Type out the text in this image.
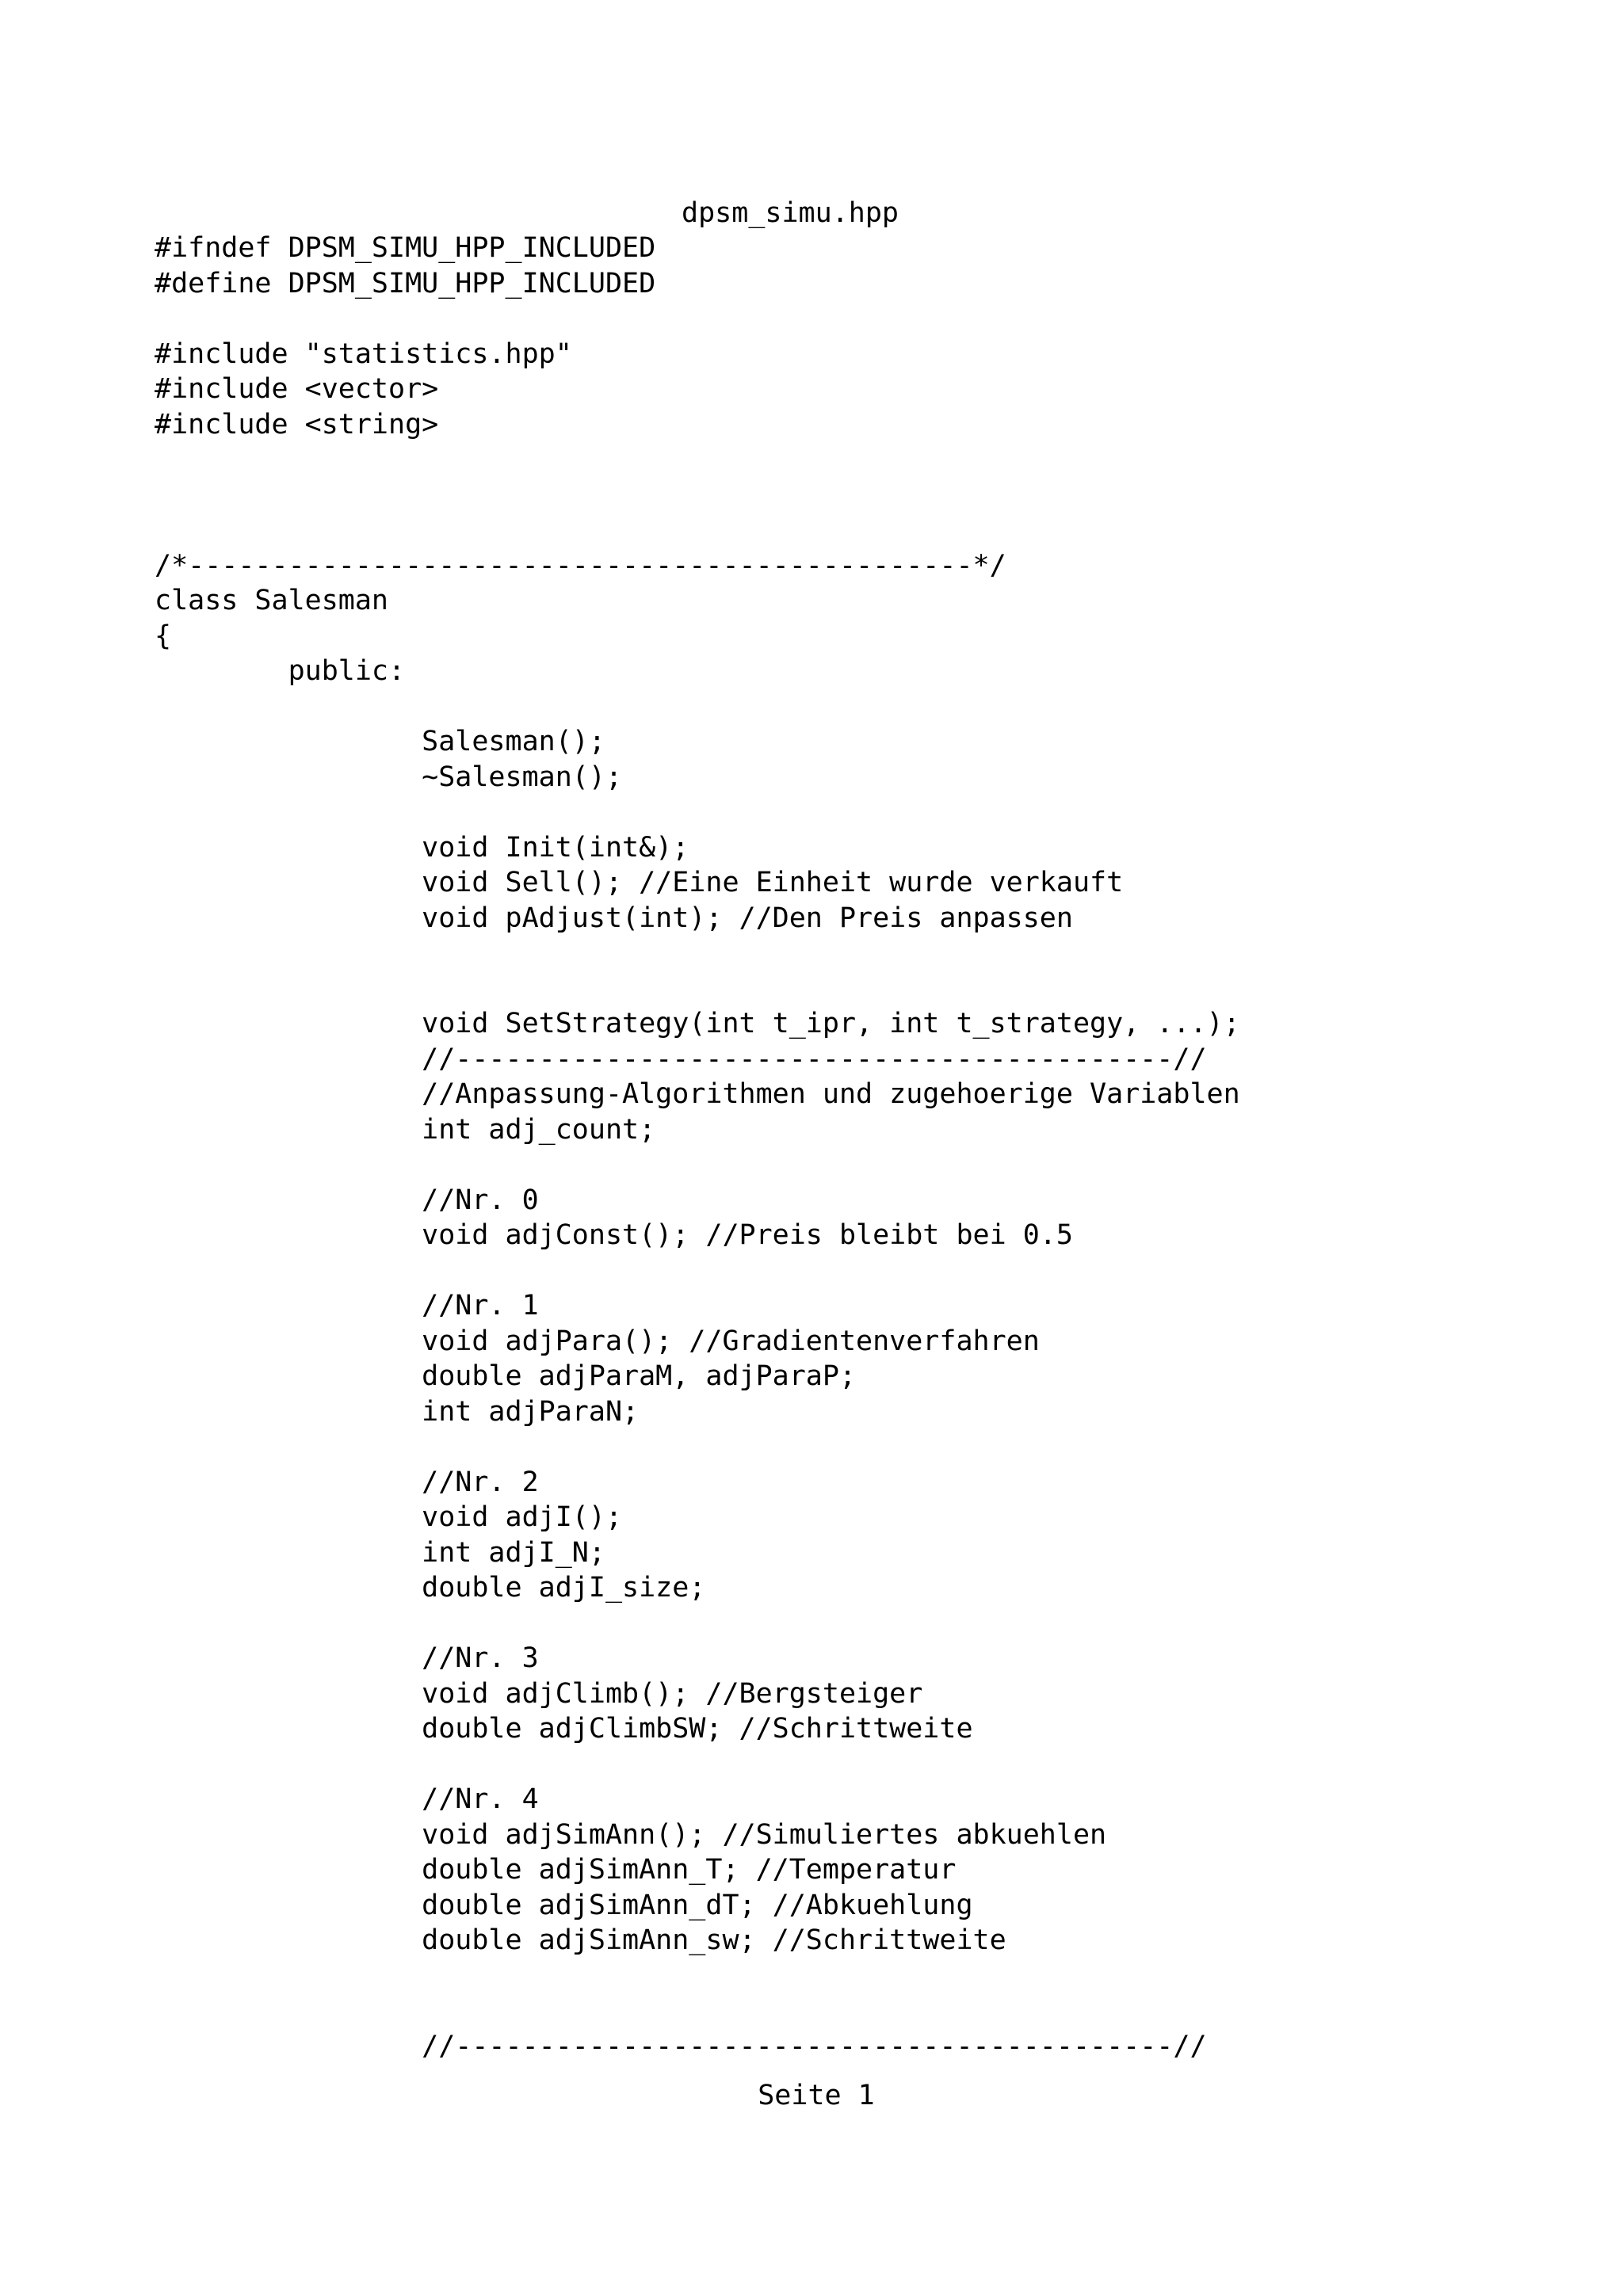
dpsm_simu.hpp
#ifndef DPSM_SIMU_HPP_INCLUDED
#define DPSM_SIMU_HPP_INCLUDED
#include "statistics.hpp"
#include <vector>
#include <string>
/*-----------------------------------------------*/
class Salesman
{
public:
Salesman();
~Salesman();
void Init(int&);
void Sell(); //Eine Einheit wurde verkauft
void pAdjust(int); //Den Preis anpassen
void SetStrategy(int t_ipr, int t_strategy, ...);
//-------------------------------------------//
//Anpassung-Algorithmen und zugehoerige Variablen
int adj_count;
//Nr. 0
void adjConst(); //Preis bleibt bei 0.5
//Nr. 1
void adjPara(); //Gradientenverfahren
double adjParaM, adjParaP;
int adjParaN;
//Nr. 2
void adjI();
int adjI_N;
double adjI_size;
//Nr. 3
void adjClimb(); //Bergsteiger
double adjClimbSW; //Schrittweite
//Nr. 4
void adjSimAnn(); //Simuliertes abkuehlen
double adjSimAnn_T; //Temperatur
double adjSimAnn_dT; //Abkuehlung
double adjSimAnn_sw; //Schrittweite
//-------------------------------------------//
Seite 1
